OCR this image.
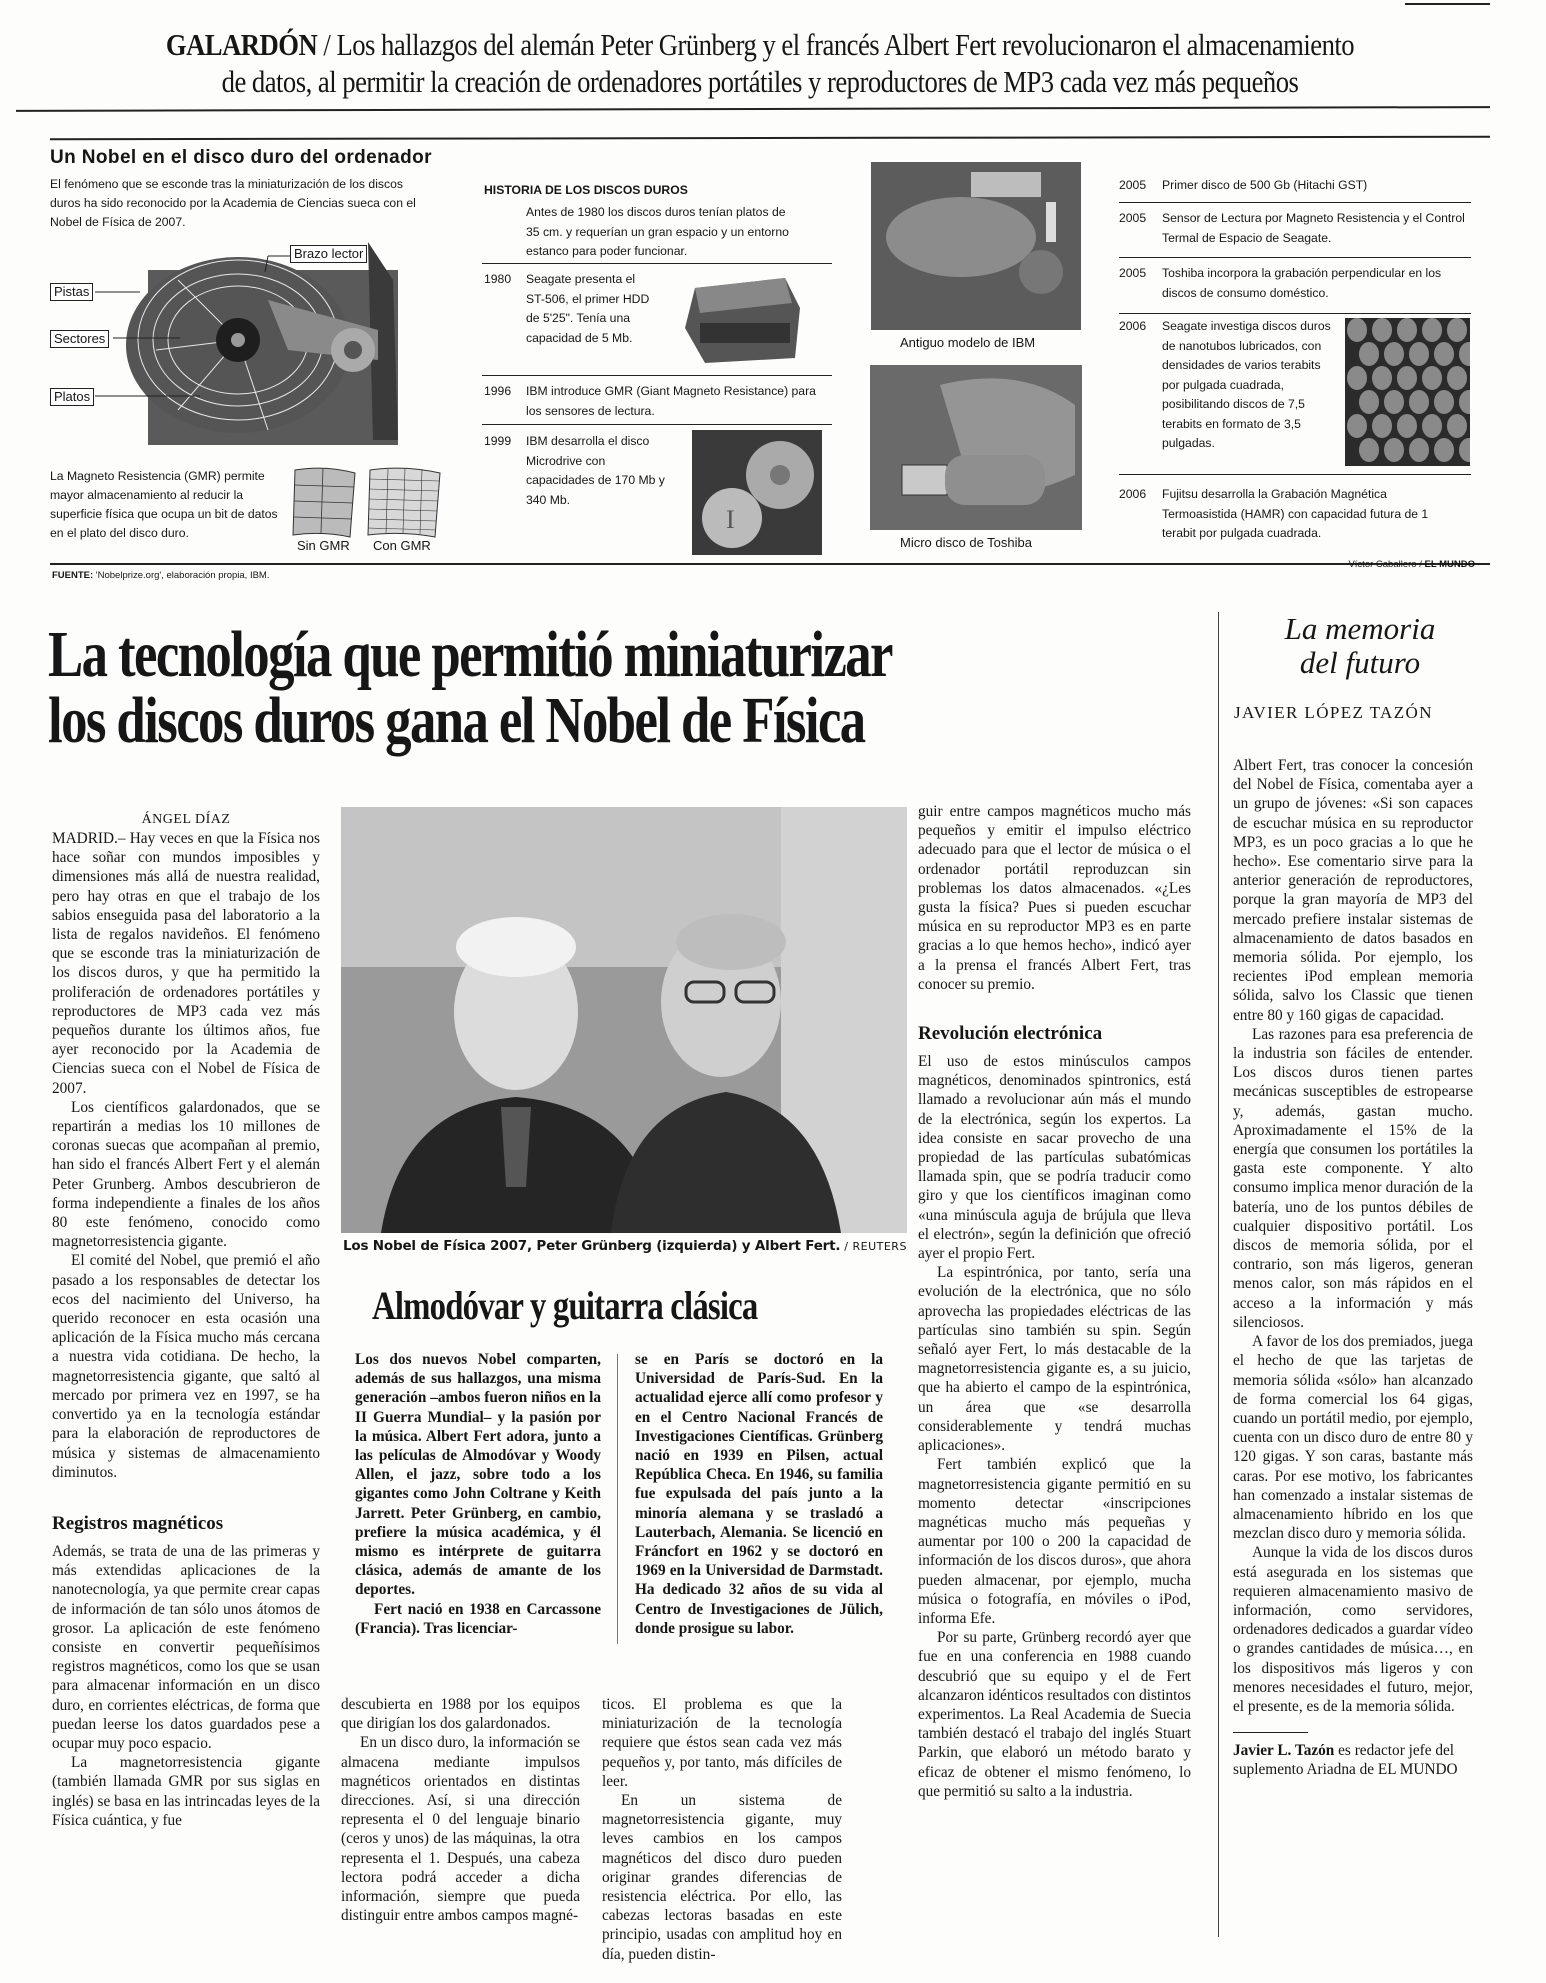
GALARDÓN / Los hallazgos del alemán Peter Grünberg y el francés Albert Fert revolucionaron el almacenamiento
de datos, al permitir la creación de ordenadores portátiles y reproductores de MP3 cada vez más pequeños
Un Nobel en el disco duro del ordenador
El fenómeno que se esconde tras la miniaturización de los discos duros ha sido reconocido por la Academia de Ciencias sueca con el Nobel de Física de 2007.
Brazo lector
Pistas
Sectores
Platos
La Magneto Resistencia (GMR) permite mayor almacenamiento al reducir la superficie física que ocupa un bit de datos en el plato del disco duro.
Sin GMR Con GMR
FUENTE: 'Nobelprize.org', elaboración propia, IBM.
HISTORIA DE LOS DISCOS DUROS
Antes de 1980 los discos duros tenían platos de 35 cm. y requerían un gran espacio y un entorno estanco para poder funcionar.
1980 Seagate presenta el ST-506, el primer HDD de 5'25". Tenía una capacidad de 5 Mb.
1996 IBM introduce GMR (Giant Magneto Resistance) para los sensores de lectura.
1999 IBM desarrolla el disco Microdrive con capacidades de 170 Mb y 340 Mb.
I
Antiguo modelo de IBM
Micro disco de Toshiba
2005 Primer disco de 500 Gb (Hitachi GST)
2005 Sensor de Lectura por Magneto Resistencia y el Control Termal de Espacio de Seagate.
2005 Toshiba incorpora la grabación perpendicular en los discos de consumo doméstico.
2006 Seagate investiga discos duros de nanotubos lubricados, con densidades de varios terabits por pulgada cuadrada, posibilitando discos de 7,5 terabits en formato de 3,5 pulgadas.
2006 Fujitsu desarrolla la Grabación Magnética Termoasistida (HAMR) con capacidad futura de 1 terabit por pulgada cuadrada.
Víctor Caballero / EL MUNDO
La tecnología que permitió miniaturizar
los discos duros gana el Nobel de Física
ÁNGEL DÍAZ

MADRID.– Hay veces en que la Física nos hace soñar con mundos imposibles y dimensiones más allá de nuestra realidad, pero hay otras en que el trabajo de los sabios enseguida pasa del laboratorio a la lista de regalos navideños. El fenómeno que se esconde tras la miniaturización de los discos duros, y que ha permitido la proliferación de ordenadores portátiles y reproductores de MP3 cada vez más pequeños durante los últimos años, fue ayer reconocido por la Academia de Ciencias sueca con el Nobel de Física de 2007.

Los científicos galardonados, que se repartirán a medias los 10 millones de coronas suecas que acompañan al premio, han sido el francés Albert Fert y el alemán Peter Grunberg. Ambos descubrieron de forma independiente a finales de los años 80 este fenómeno, conocido como magnetorresistencia gigante.

El comité del Nobel, que premió el año pasado a los responsables de detectar los ecos del nacimiento del Universo, ha querido reconocer en esta ocasión una aplicación de la Física mucho más cercana a nuestra vida cotidiana. De hecho, la magnetorresistencia gigante, que saltó al mercado por primera vez en 1997, se ha convertido ya en la tecnología estándar para la elaboración de reproductores de música y sistemas de almacenamiento diminutos.

Registros magnéticos

Además, se trata de una de las primeras y más extendidas aplicaciones de la nanotecnología, ya que permite crear capas de información de tan sólo unos átomos de grosor. La aplicación de este fenómeno consiste en convertir pequeñísimos registros magnéticos, como los que se usan para almacenar información en un disco duro, en corrientes eléctricas, de forma que puedan leerse los datos guardados pese a ocupar muy poco espacio.

La magnetorresistencia gigante (también llamada GMR por sus siglas en inglés) se basa en las intrincadas leyes de la Física cuántica, y fue

Los Nobel de Física 2007, Peter Grünberg (izquierda) y Albert Fert. / REUTERS
Almodóvar y guitarra clásica

Los dos nuevos Nobel comparten, además de sus hallazgos, una misma generación –ambos fueron niños en la II Guerra Mundial– y la pasión por la música. Albert Fert adora, junto a las películas de Almodóvar y Woody Allen, el jazz, sobre todo a los gigantes como John Coltrane y Keith Jarrett. Peter Grünberg, en cambio, prefiere la música académica, y él mismo es intérprete de guitarra clásica, además de amante de los deportes.

Fert nació en 1938 en Carcassone (Francia). Tras licenciar-

se en París se doctoró en la Universidad de París-Sud. En la actualidad ejerce allí como profesor y en el Centro Nacional Francés de Investigaciones Científicas. Grünberg nació en 1939 en Pilsen, actual República Checa. En 1946, su familia fue expulsada del país junto a la minoría alemana y se trasladó a Lauterbach, Alemania. Se licenció en Fráncfort en 1962 y se doctoró en 1969 en la Universidad de Darmstadt. Ha dedicado 32 años de su vida al Centro de Investigaciones de Jülich, donde prosigue su labor.

descubierta en 1988 por los equipos que dirigían los dos galardonados.

En un disco duro, la información se almacena mediante impulsos magnéticos orientados en distintas direcciones. Así, si una dirección representa el 0 del lenguaje binario (ceros y unos) de las máquinas, la otra representa el 1. Después, una cabeza lectora podrá acceder a dicha información, siempre que pueda distinguir entre ambos campos magné-

ticos. El problema es que la miniaturización de la tecnología requiere que éstos sean cada vez más pequeños y, por tanto, más difíciles de leer.

En un sistema de magnetorresistencia gigante, muy leves cambios en los campos magnéticos del disco duro pueden originar grandes diferencias de resistencia eléctrica. Por ello, las cabezas lectoras basadas en este principio, usadas con amplitud hoy en día, pueden distin-

guir entre campos magnéticos mucho más pequeños y emitir el impulso eléctrico adecuado para que el lector de música o el ordenador portátil reproduzcan sin problemas los datos almacenados. «¿Les gusta la física? Pues si pueden escuchar música en su reproductor MP3 es en parte gracias a lo que hemos hecho», indicó ayer a la prensa el francés Albert Fert, tras conocer su premio.

Revolución electrónica

El uso de estos minúsculos campos magnéticos, denominados spintronics, está llamado a revolucionar aún más el mundo de la electrónica, según los expertos. La idea consiste en sacar provecho de una propiedad de las partículas subatómicas llamada spin, que se podría traducir como giro y que los científicos imaginan como «una minúscula aguja de brújula que lleva el electrón», según la definición que ofreció ayer el propio Fert.

La espintrónica, por tanto, sería una evolución de la electrónica, que no sólo aprovecha las propiedades eléctricas de las partículas sino también su spin. Según señaló ayer Fert, lo más destacable de la magnetorresistencia gigante es, a su juicio, que ha abierto el campo de la espintrónica, un área que «se desarrolla considerablemente y tendrá muchas aplicaciones».

Fert también explicó que la magnetorresistencia gigante permitió en su momento detectar «inscripciones magnéticas mucho más pequeñas y aumentar por 100 o 200 la capacidad de información de los discos duros», que ahora pueden almacenar, por ejemplo, mucha música o fotografía, en móviles o iPod, informa Efe.

Por su parte, Grünberg recordó ayer que fue en una conferencia en 1988 cuando descubrió que su equipo y el de Fert alcanzaron idénticos resultados con distintos experimentos. La Real Academia de Suecia también destacó el trabajo del inglés Stuart Parkin, que elaboró un método barato y eficaz de obtener el mismo fenómeno, lo que permitió su salto a la industria.

La memoria
del futuro
JAVIER LÓPEZ TAZÓN

Albert Fert, tras conocer la concesión del Nobel de Física, comentaba ayer a un grupo de jóvenes: «Si son capaces de escuchar música en su reproductor MP3, es un poco gracias a lo que he hecho». Ese comentario sirve para la anterior generación de reproductores, porque la gran mayoría de MP3 del mercado prefiere instalar sistemas de almacenamiento de datos basados en memoria sólida. Por ejemplo, los recientes iPod emplean memoria sólida, salvo los Classic que tienen entre 80 y 160 gigas de capacidad.

Las razones para esa preferencia de la industria son fáciles de entender. Los discos duros tienen partes mecánicas susceptibles de estropearse y, además, gastan mucho. Aproximadamente el 15% de la energía que consumen los portátiles la gasta este componente. Y alto consumo implica menor duración de la batería, uno de los puntos débiles de cualquier dispositivo portátil. Los discos de memoria sólida, por el contrario, son más ligeros, generan menos calor, son más rápidos en el acceso a la información y más silenciosos.

A favor de los dos premiados, juega el hecho de que las tarjetas de memoria sólida «sólo» han alcanzado de forma comercial los 64 gigas, cuando un portátil medio, por ejemplo, cuenta con un disco duro de entre 80 y 120 gigas. Y son caras, bastante más caras. Por ese motivo, los fabricantes han comenzado a instalar sistemas de almacenamiento híbrido en los que mezclan disco duro y memoria sólida.

Aunque la vida de los discos duros está asegurada en los sistemas que requieren almacenamiento masivo de información, como servidores, ordenadores dedicados a guardar vídeo o grandes cantidades de música…, en los dispositivos más ligeros y con menores necesidades el futuro, mejor, el presente, es de la memoria sólida.

Javier L. Tazón es redactor jefe del suplemento Ariadna de EL MUNDO
